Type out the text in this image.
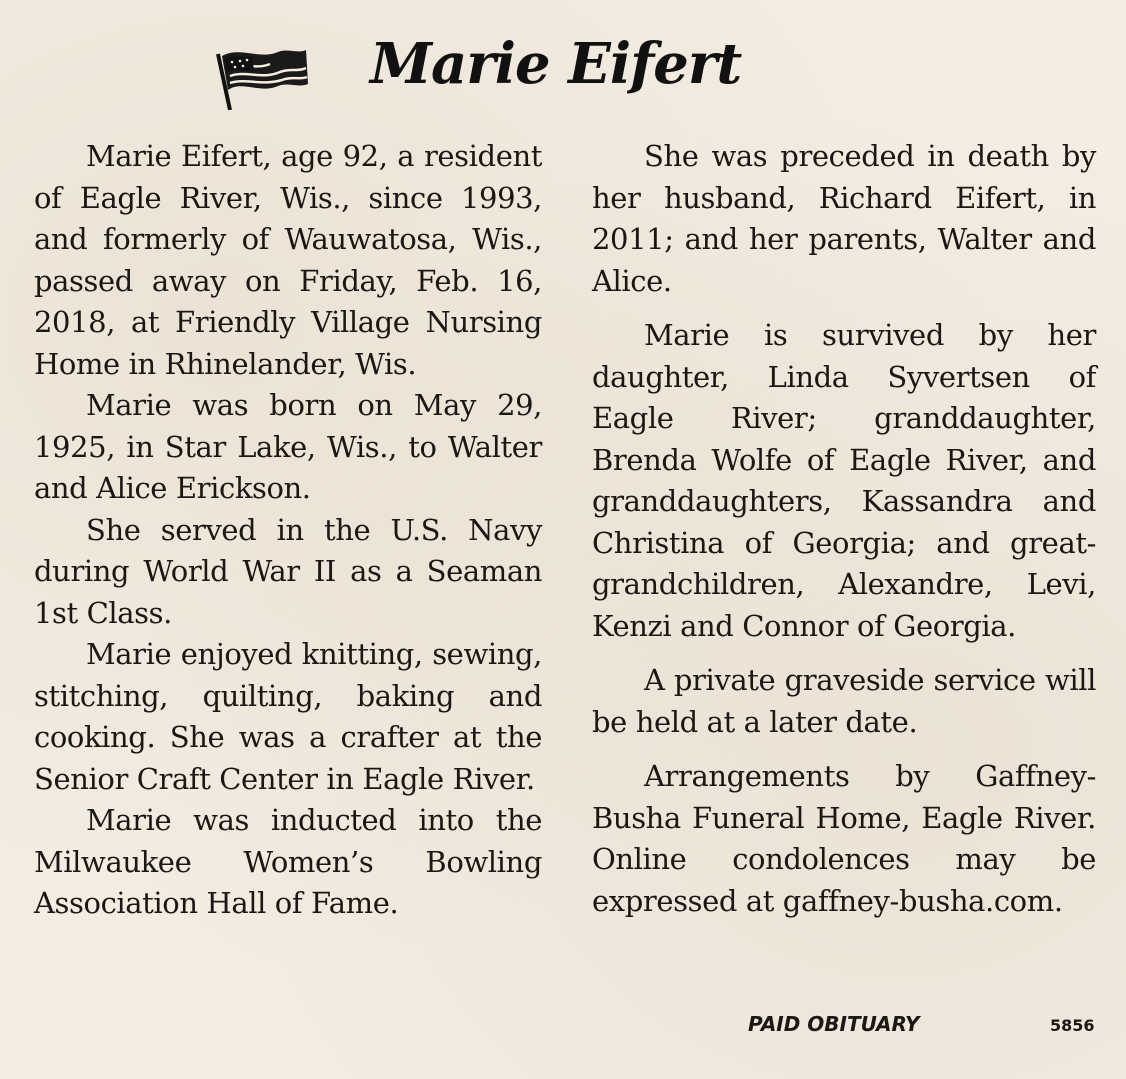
Marie Eifert

Marie Eifert, age 92, a resident of Eagle River, Wis., since 1993, and formerly of Wauwatosa, Wis., passed away on Friday, Feb. 16, 2018, at Friendly Village Nursing Home in Rhinelander, Wis.

Marie was born on May 29, 1925, in Star Lake, Wis., to Walter and Alice Erickson.

She served in the U.S. Navy during World War II as a Seaman 1st Class.

Marie enjoyed knitting, sewing, stitching, quilting, baking and cooking. She was a crafter at the Senior Craft Center in Eagle River.

Marie was inducted into the Milwaukee Women’s Bowling Association Hall of Fame.

She was preceded in death by her husband, Richard Eifert, in 2011; and her parents, Walter and Alice.

Marie is survived by her daughter, Linda Syvertsen of Eagle River; granddaughter, Brenda Wolfe of Eagle River, and granddaughters, Kassandra and Christina of Georgia; and great-grandchildren, Alexandre, Levi, Kenzi and Connor of Georgia.

A private graveside service will be held at a later date.

Arrangements by Gaffney-Busha Funeral Home, Eagle River. Online condolences may be expressed at gaffney-busha.com.

PAID OBITUARY	5856
